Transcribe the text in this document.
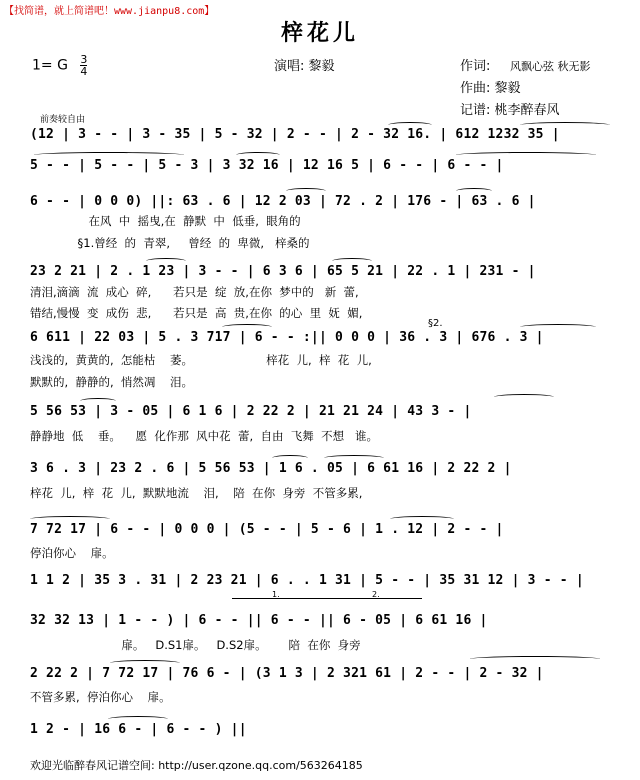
【找简谱，就上简谱吧！www.jianpu8.com】
梓花儿
1= G $\frac{3}{4}$	演唱: 黎毅	作词: 风飘心弦 秋无影
作曲: 黎毅
记谱: 桃李醉春风
前奏较自由
(12 | 3 - - | 3 - 35 | 5 - 32 | 2 - - | 2 - 32 16. | 612 1232 35 |
5 - - | 5 - - | 5 - 3 | 3 32 16 | 12 16 5 | 6 - - | 6 - - |
6 - - | 0 0 0) ||: 63 . 6 | 12 2 03 | 72 . 2 | 176 - | 63 . 6 |
在风  中  摇曳,在  静默  中  低垂,  眼角的
§1.曾经  的  青翠,     曾经  的  卑微,   梓桑的
23 2 21 | 2 . 1 23 | 3 - - | 6 3 6 | 65 5 21 | 22 . 1 | 231 - |
清泪,滴滴  流  成心  碎,      若只是  绽  放,在你  梦中的   新  蕾,
错结,慢慢  变  成伤  悲,      若只是  高  贵,在你  的心  里  妩  媚,
6 611 | 22 03 | 5 . 3 717 | 6 - - :|| 0 0 0 | 36 . 3 | 676 . 3 |
§2.
浅浅的,  黄黄的,  怎能枯    萎。                    梓花  儿,  梓  花  儿,
默默的,  静静的,  悄然凋    泪。
5 56 53 | 3 - 05 | 6 1 6 | 2 22 2 | 21 21 24 | 43 3 - |
静静地  低    垂。    愿  化作那  风中花  蕾,  自由  飞舞  不想   谁。
3 6 . 3 | 23 2 . 6 | 5 56 53 | 1 6 . 05 | 6 61 16 | 2 22 2 |
梓花  儿,  梓  花  儿,  默默地流    泪,    陪  在你  身旁  不管多累,
7 72 17 | 6 - - | 0 0 0 | (5 - - | 5 - 6 | 1 . 12 | 2 - - |
停泊你心    扉。
1 1 2 | 35 3 . 31 | 2 23 21 | 6 . . 1 31 | 5 - - | 35 31 12 | 3 - - |
32 32 13 | 1 - - ) | 6 - - || 6 - - || 6 - 05 | 6 61 16 |
1.	2.
扉。   D.S1扉。   D.S2扉。      陪  在你  身旁
2 22 2 | 7 72 17 | 76 6 - | (3 1 3 | 2 321 61 | 2 - - | 2 - 32 |
不管多累,  停泊你心    扉。
1 2 - | 16 6 - | 6 - - ) ||
欢迎光临醉春风记谱空间: http://user.qzone.qq.com/563264185
